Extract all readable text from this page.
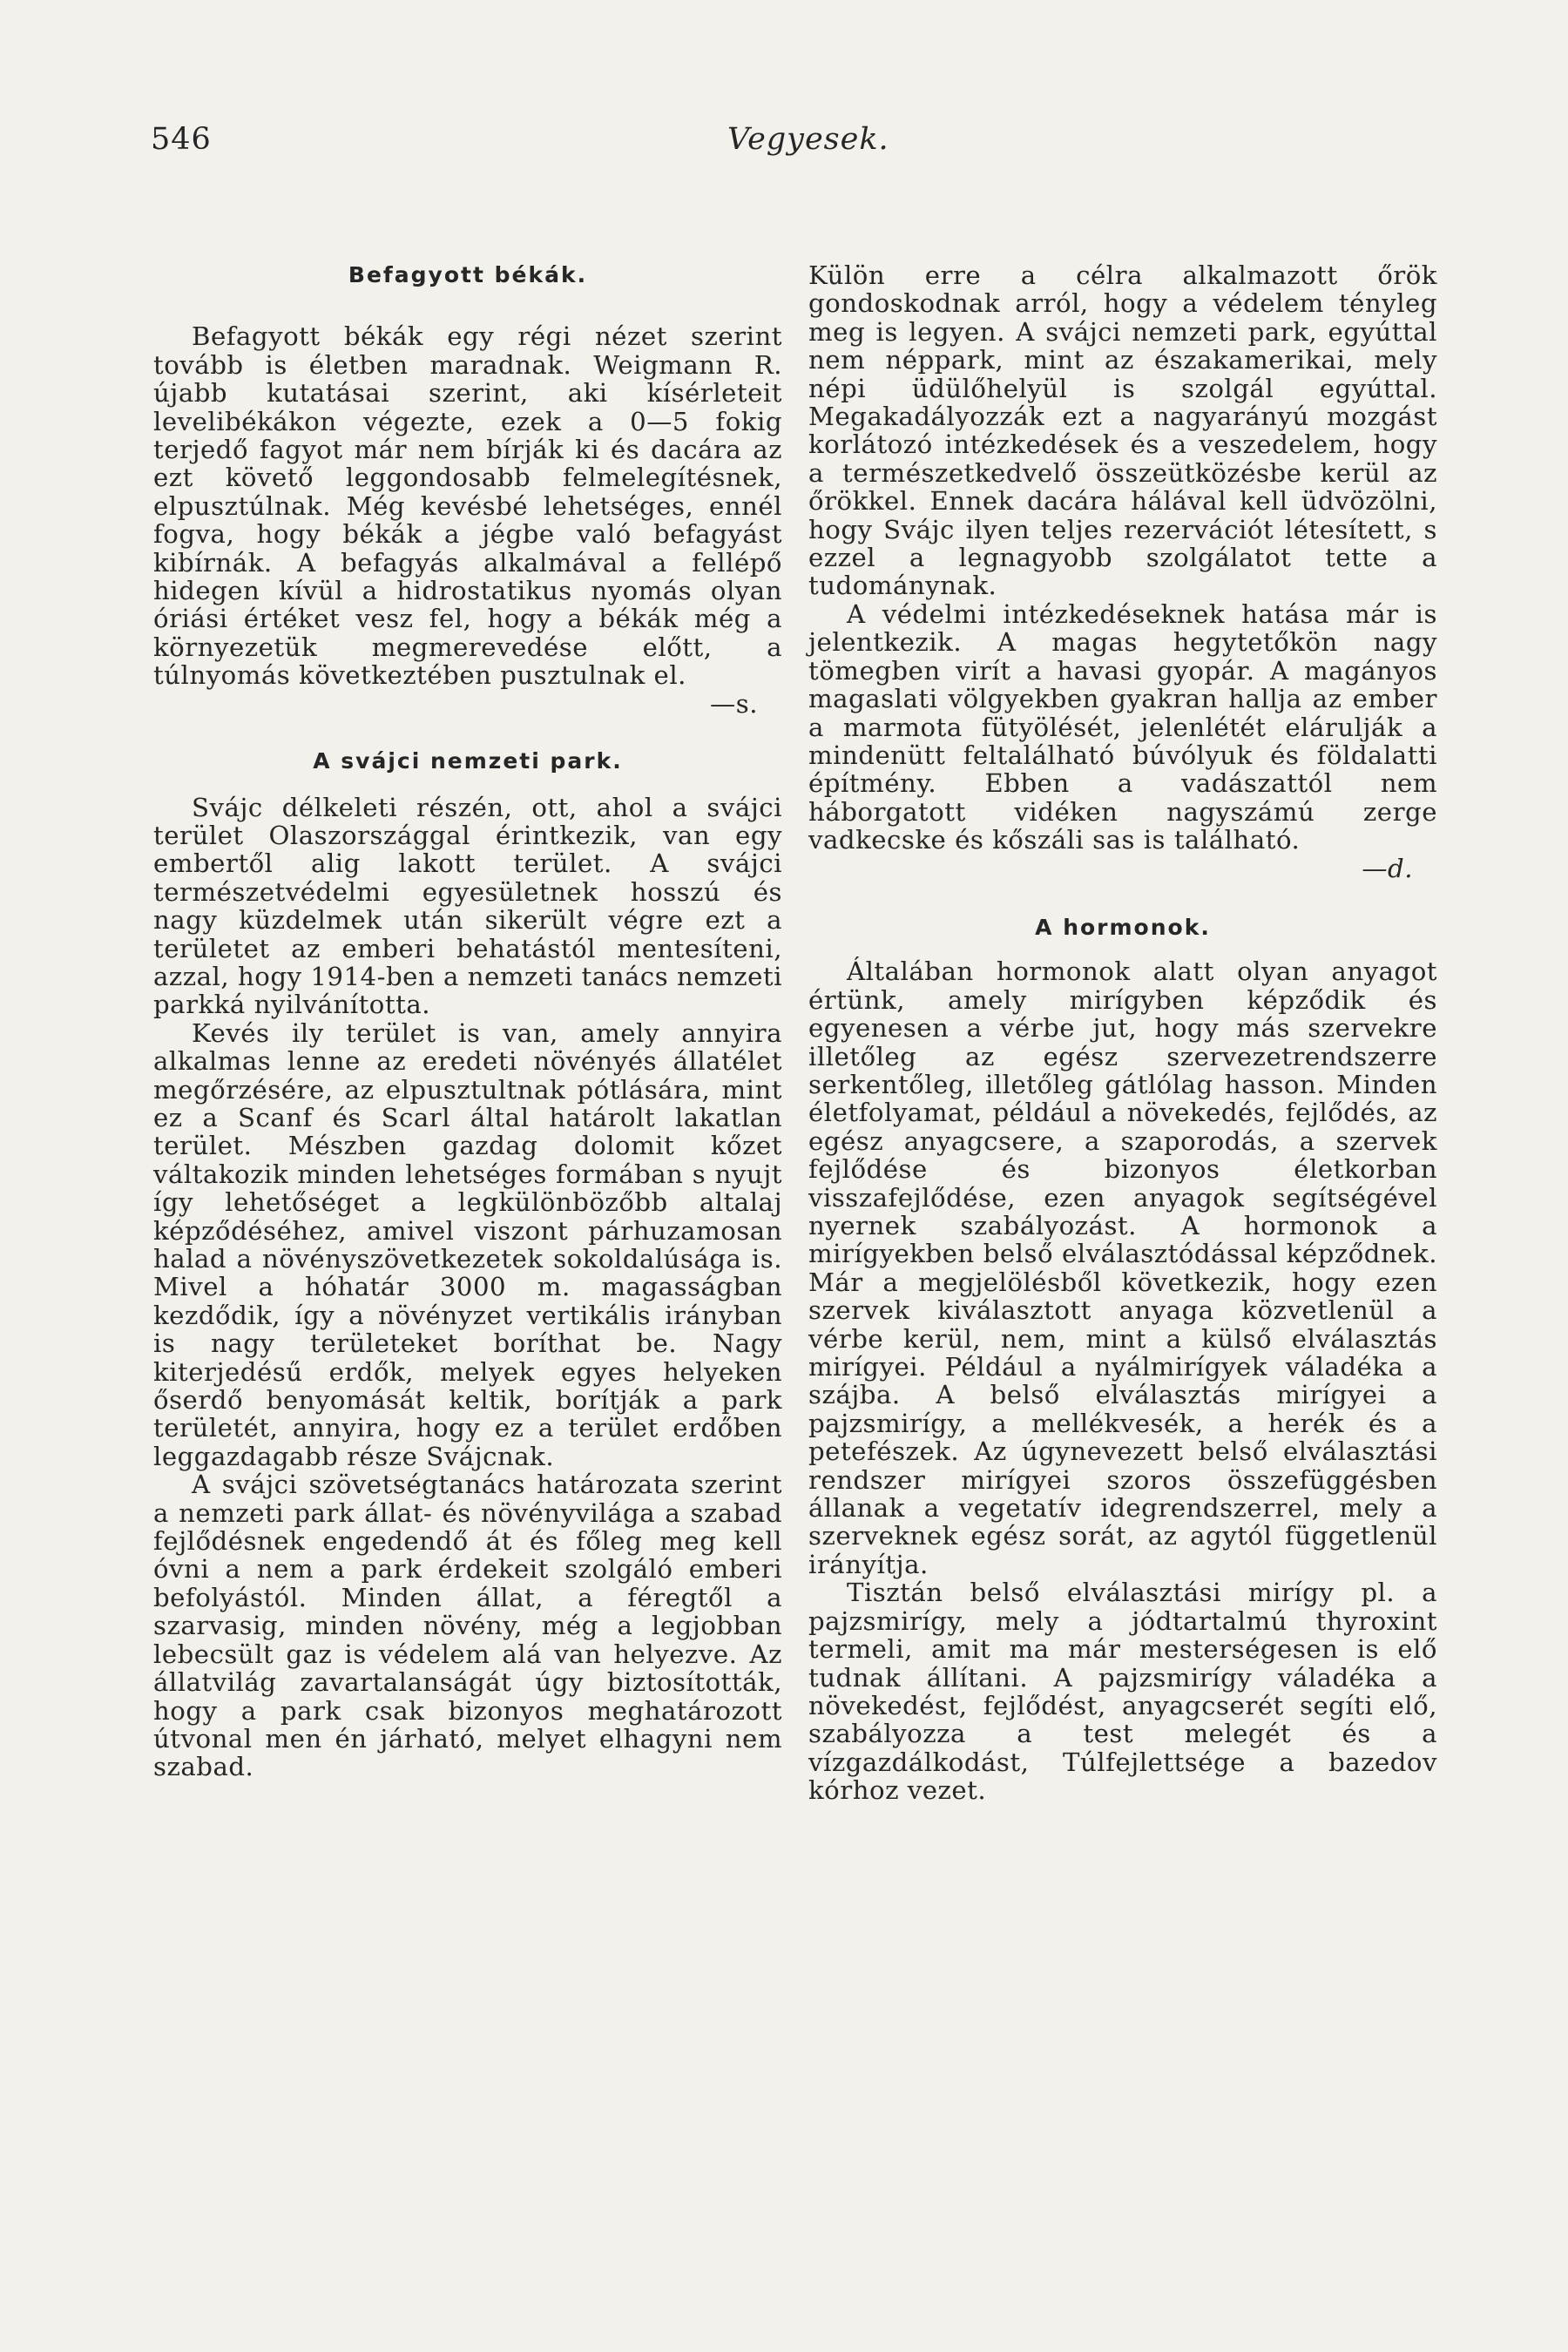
546	Vegyesek.
Befagyott békák.

Befagyott békák egy régi nézet szerint tovább is életben maradnak. Weigmann R. újabb kutatásai szerint, aki kísérleteit levelibékákon végezte, ezek a 0—5 fokig terjedő fagyot már nem bírják ki és dacára az ezt követő leggondosabb felmelegítésnek, elpusztúlnak. Még kevésbé lehetséges, ennél fogva, hogy békák a jégbe való befagyást kibírnák. A befagyás alkalmával a fellépő hidegen kívül a hidrostatikus nyomás olyan óriási értéket vesz fel, hogy a békák még a környezetük megmerevedése előtt, a túlnyomás következtében pusztulnak el.

—s.
A svájci nemzeti park.

Svájc délkeleti részén, ott, ahol a svájci terület Olaszországgal érintkezik, van egy embertől alig lakott terület. A svájci természetvédelmi egyesületnek hosszú és nagy küzdelmek után sikerült végre ezt a területet az emberi behatástól mentesíteni, azzal, hogy 1914-ben a nemzeti tanács nemzeti parkká nyilvánította.

Kevés ily terület is van, amely annyira alkalmas lenne az eredeti növényés állatélet megőrzésére, az elpusztultnak pótlására, mint ez a Scanf és Scarl által határolt lakatlan terület. Mészben gazdag dolomit kőzet váltakozik minden lehetséges formában s nyujt így lehetőséget a legkülönbözőbb altalaj képződéséhez, amivel viszont párhuzamosan halad a növényszövetkezetek sokoldalúsága is. Mivel a hóhatár 3000 m. magasságban kezdődik, így a növényzet vertikális irányban is nagy területeket boríthat be. Nagy kiterjedésű erdők, melyek egyes helyeken őserdő benyomását keltik, borítják a park területét, annyira, hogy ez a terület erdőben leggazdagabb része Svájcnak.

A svájci szövetségtanács határozata szerint a nemzeti park állat- és növényvilága a szabad fejlődésnek engedendő át és főleg meg kell óvni a nem a park érdekeit szolgáló emberi befolyástól. Minden állat, a féregtől a szarvasig, minden növény, még a legjobban lebecsült gaz is védelem alá van helyezve. Az állatvilág zavartalanságát úgy biztosították, hogy a park csak bizonyos meghatározott útvonal men én járható, melyet elhagyni nem szabad.

Külön erre a célra alkalmazott őrök gondoskodnak arról, hogy a védelem tényleg meg is legyen. A svájci nemzeti park, egyúttal nem néppark, mint az északamerikai, mely népi üdülőhelyül is szolgál egyúttal. Megakadályozzák ezt a nagyarányú mozgást korlátozó intézkedések és a veszedelem, hogy a természetkedvelő összeütközésbe kerül az őrökkel. Ennek dacára hálával kell üdvözölni, hogy Svájc ilyen teljes rezervációt létesített, s ezzel a legnagyobb szolgálatot tette a tudománynak.

A védelmi intézkedéseknek hatása már is jelentkezik. A magas hegytetőkön nagy tömegben virít a havasi gyopár. A magányos magaslati völgyekben gyakran hallja az ember a marmota fütyölését, jelenlétét elárulják a mindenütt feltalálható búvólyuk és földalatti építmény. Ebben a vadászattól nem háborgatott vidéken nagyszámú zerge vadkecske és kőszáli sas is található.

—d.
A hormonok.

Általában hormonok alatt olyan anyagot értünk, amely mirígyben képződik és egyenesen a vérbe jut, hogy más szervekre illetőleg az egész szervezetrendszerre serkentőleg, illetőleg gátlólag hasson. Minden életfolyamat, például a növekedés, fejlődés, az egész anyagcsere, a szaporodás, a szervek fejlődése és bizonyos életkorban visszafejlődése, ezen anyagok segítségével nyernek szabályozást. A hormonok a mirígyekben belső elválasztódással képződnek. Már a megjelölésből következik, hogy ezen szervek kiválasztott anyaga közvetlenül a vérbe kerül, nem, mint a külső elválasztás mirígyei. Például a nyálmirígyek váladéka a szájba. A belső elválasztás mirígyei a pajzsmirígy, a mellékvesék, a herék és a petefészek. Az úgynevezett belső elválasztási rendszer mirígyei szoros összefüggésben állanak a vegetatív idegrendszerrel, mely a szerveknek egész sorát, az agytól függetlenül irányítja.

Tisztán belső elválasztási mirígy pl. a pajzsmirígy, mely a jódtartalmú thyroxint termeli, amit ma már mesterségesen is elő tudnak állítani. A pajzsmirígy váladéka a növekedést, fejlődést, anyagcserét segíti elő, szabályozza a test melegét és a vízgazdálkodást, Túlfejlettsége a bazedov kórhoz vezet.
